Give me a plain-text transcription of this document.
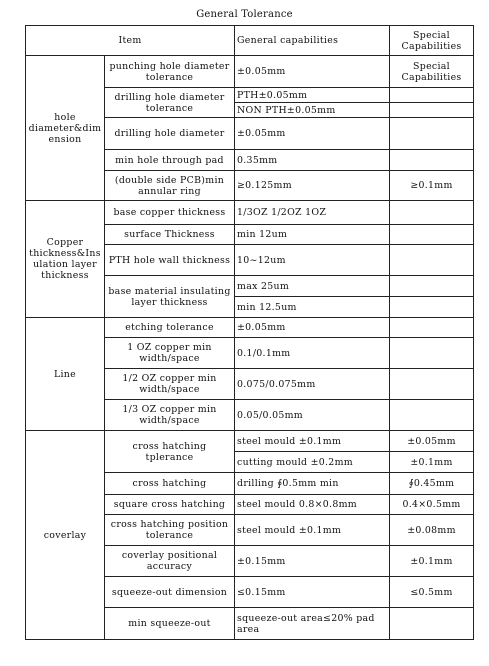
General Tolerance
Item		General capabilities	Special Capabilities
hole diameter&dimension	punching hole diameter tolerance	±0.05mm	Special Capabilities
	drilling hole diameter tolerance	PTH±0.05mm	
		NON PTH±0.05mm	
	drilling hole diameter	±0.05mm	
	min hole through pad	0.35mm	
	(double side PCB)min annular ring	≥0.125mm	≥0.1mm
Copper thickness&Insulation layer thickness	base copper thickness	1/3OZ 1/2OZ 1OZ	
	surface Thickness	min 12um	
	PTH hole wall thickness	10~12um	
	base material insulating layer thickness	max 25um	
		min 12.5um	
Line	etching tolerance	±0.05mm	
	1 OZ copper min width/space	0.1/0.1mm	
	1/2 OZ copper min width/space	0.075/0.075mm	
	1/3 OZ copper min width/space	0.05/0.05mm	
coverlay	cross hatching tplerance	steel mould ±0.1mm	±0.05mm
		cutting mould ±0.2mm	±0.1mm
	cross hatching	drilling ∮0.5mm min	∮0.45mm
	square cross hatching	steel mould 0.8×0.8mm	0.4×0.5mm
	cross hatching position tolerance	steel mould ±0.1mm	±0.08mm
	coverlay positional accuracy	±0.15mm	±0.1mm
	squeeze-out dimension	≤0.15mm	≤0.5mm
	min squeeze-out	squeeze-out area≤20% pad area	
